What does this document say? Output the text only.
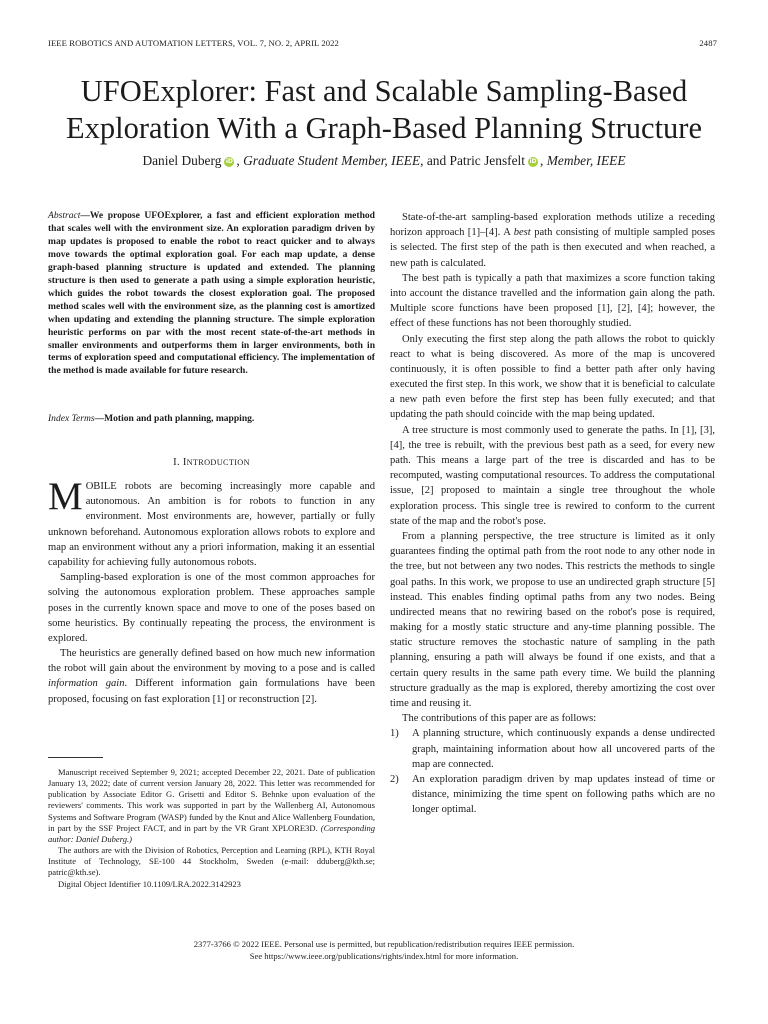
IEEE ROBOTICS AND AUTOMATION LETTERS, VOL. 7, NO. 2, APRIL 2022	2487
UFOExplorer: Fast and Scalable Sampling-Based
Exploration With a Graph-Based Planning Structure
Daniel Duberg iD , Graduate Student Member, IEEE, and Patric Jensfelt iD , Member, IEEE
Abstract—We propose UFOExplorer, a fast and efficient exploration method that scales well with the environment size. An exploration paradigm driven by map updates is proposed to enable the robot to react quicker and to always move towards the optimal exploration goal. For each map update, a dense graph-based planning structure is updated and extended. The planning structure is then used to generate a path using a simple exploration heuristic, which guides the robot towards the closest exploration goal. The proposed method scales well with the environment size, as the planning cost is amortized when updating and extending the planning structure. The simple exploration heuristic performs on par with the most recent state-of-the-art methods in smaller environments and outperforms them in larger environments, both in terms of exploration speed and computational efficiency. The implementation of the method is made available for future research.
Index Terms—Motion and path planning, mapping.
I. INTRODUCTION

MOBILE robots are becoming increasingly more capable and autonomous. An ambition is for robots to function in any environment. Most environments are, however, partially or fully unknown beforehand. Autonomous exploration allows robots to explore and map an environment without any a priori information, making it an essential capability for achieving fully autonomous robots.

Sampling-based exploration is one of the most common approaches for solving the autonomous exploration problem. These approaches sample poses in the currently known space and move to one of the poses based on some heuristics. By continually repeating the process, the environment is explored.

The heuristics are generally defined based on how much new information the robot will gain about the environment by moving to a pose and is called information gain. Different information gain formulations have been proposed, focusing on fast exploration [1] or reconstruction [2].

Manuscript received September 9, 2021; accepted December 22, 2021. Date of publication January 13, 2022; date of current version January 28, 2022. This letter was recommended for publication by Associate Editor G. Grisetti and Editor S. Behnke upon evaluation of the reviewers' comments. This work was supported in part by the Wallenberg AI, Autonomous Systems and Software Program (WASP) funded by the Knut and Alice Wallenberg Foundation, in part by the SSF Project FACT, and in part by the VR Grant XPLORE3D. (Corresponding author: Daniel Duberg.)

The authors are with the Division of Robotics, Perception and Learning (RPL), KTH Royal Institute of Technology, SE-100 44 Stockholm, Sweden (e-mail: dduberg@kth.se; patric@kth.se).

Digital Object Identifier 10.1109/LRA.2022.3142923

State-of-the-art sampling-based exploration methods utilize a receding horizon approach [1]–[4]. A best path consisting of multiple sampled poses is selected. The first step of the path is then executed and when reached, a new path is calculated.

The best path is typically a path that maximizes a score function taking into account the distance travelled and the information gain along the path. Multiple score functions have been proposed [1], [2], [4]; however, the effect of these functions has not been thoroughly studied.

Only executing the first step along the path allows the robot to quickly react to what is being discovered. As more of the map is uncovered continuously, it is often possible to find a better path after only having executed the first step. In this work, we show that it is beneficial to calculate a new path even before the first step has been fully executed; and that updating the path should coincide with the map being updated.

A tree structure is most commonly used to generate the paths. In [1], [3], [4], the tree is rebuilt, with the previous best path as a seed, for every new path. This means a large part of the tree is discarded and has to be recomputed, wasting computational resources. To address the computational issue, [2] proposed to maintain a single tree throughout the whole exploration process. This single tree is rewired to conform to the current state of the map and the robot's pose.

From a planning perspective, the tree structure is limited as it only guarantees finding the optimal path from the root node to any other node in the tree, but not between any two nodes. This restricts the methods to single goal paths. In this work, we propose to use an undirected graph structure [5] instead. This enables finding optimal paths from any two nodes. Being undirected means that no rewiring based on the robot's pose is required, making for a mostly static structure and any-time planning possible. The static structure removes the stochastic nature of sampling in the path planning, ensuring a path will always be found if one exists, and that a certain query results in the same path every time. We build the planning structure gradually as the map is explored, thereby amortizing the cost over time and reusing it.

The contributions of this paper are as follows:

1) A planning structure, which continuously expands a dense undirected graph, maintaining information about how all uncovered parts of the map are connected.
2) An exploration paradigm driven by map updates instead of time or distance, minimizing the time spent on following paths which are no longer optimal.
2377-3766 © 2022 IEEE. Personal use is permitted, but republication/redistribution requires IEEE permission.
See https://www.ieee.org/publications/rights/index.html for more information.
